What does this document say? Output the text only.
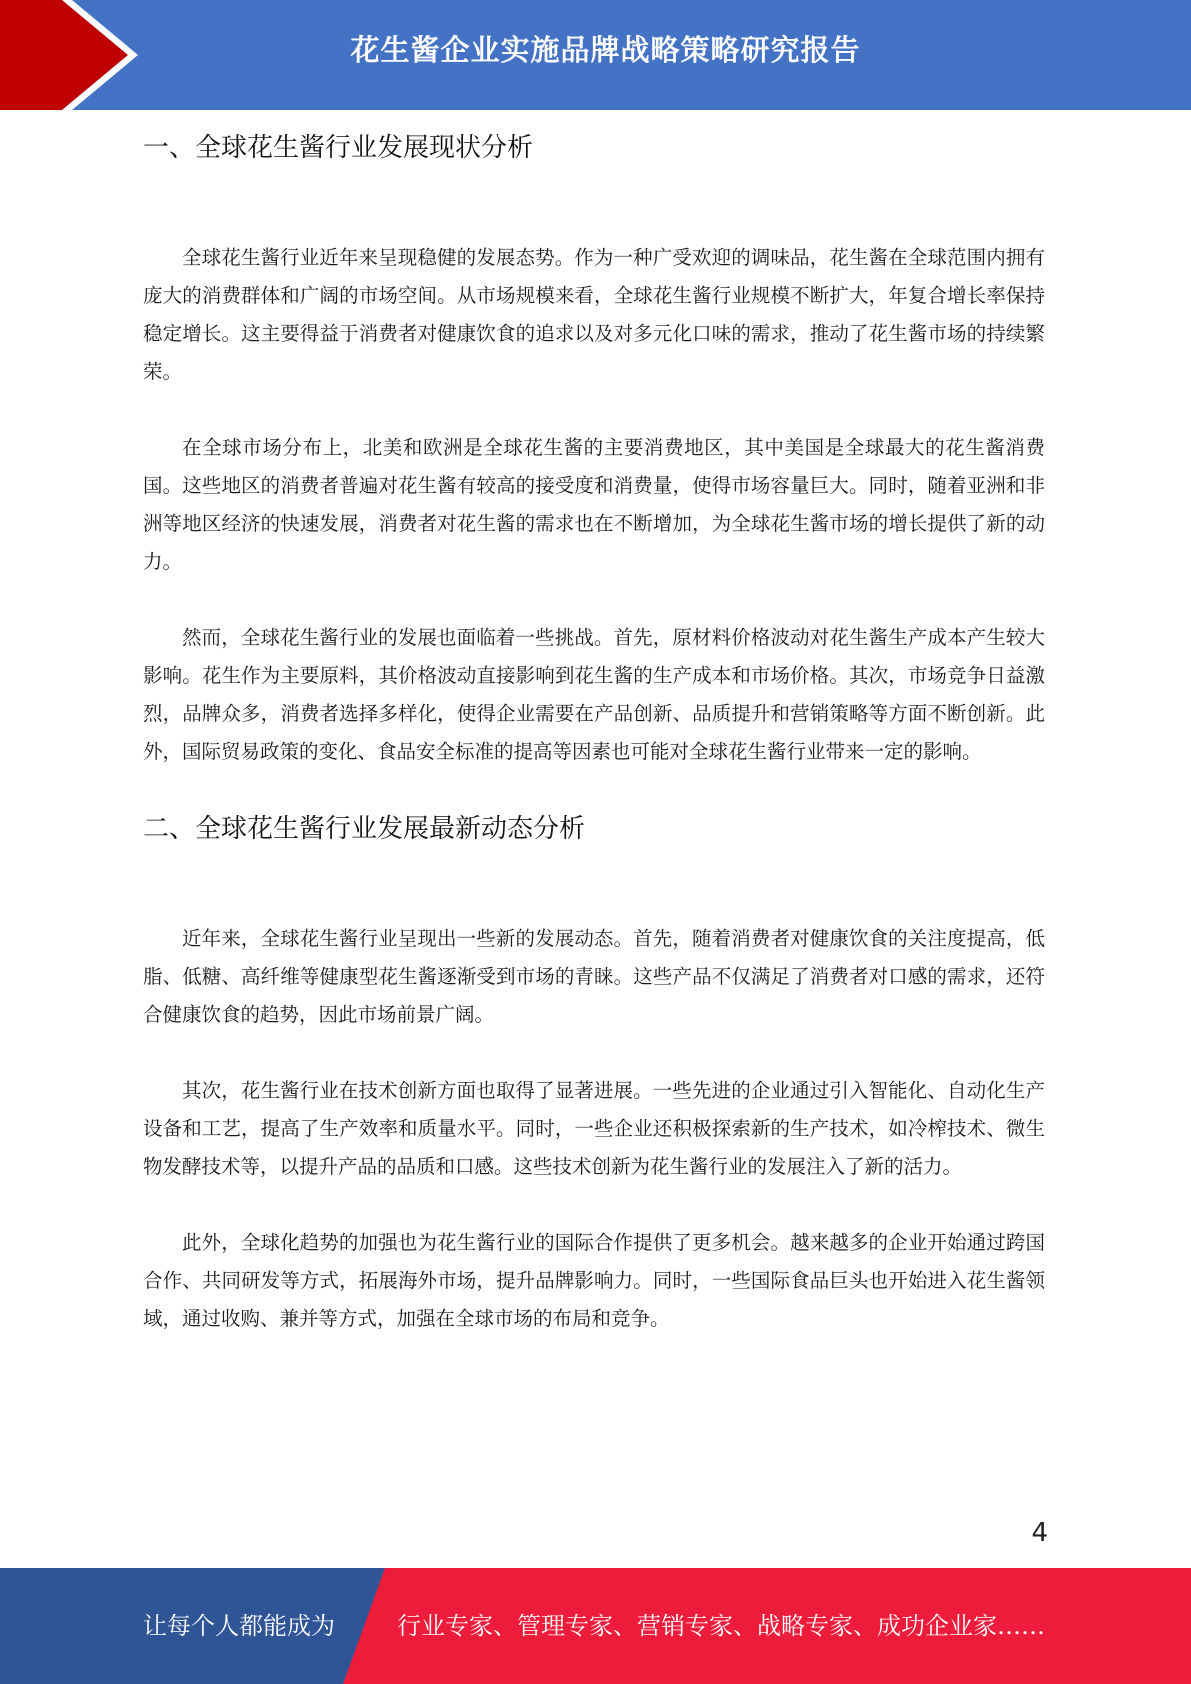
花生酱企业实施品牌战略策略研究报告
一、全球花生酱行业发展现状分析

全球花生酱行业近年来呈现稳健的发展态势。作为一种广受欢迎的调味品，花生酱在全球范围内拥有庞大的消费群体和广阔的市场空间。从市场规模来看，全球花生酱行业规模不断扩大，年复合增长率保持稳定增长。这主要得益于消费者对健康饮食的追求以及对多元化口味的需求，推动了花生酱市场的持续繁荣。

在全球市场分布上，北美和欧洲是全球花生酱的主要消费地区，其中美国是全球最大的花生酱消费国。这些地区的消费者普遍对花生酱有较高的接受度和消费量，使得市场容量巨大。同时，随着亚洲和非洲等地区经济的快速发展，消费者对花生酱的需求也在不断增加，为全球花生酱市场的增长提供了新的动力。

然而，全球花生酱行业的发展也面临着一些挑战。首先，原材料价格波动对花生酱生产成本产生较大影响。花生作为主要原料，其价格波动直接影响到花生酱的生产成本和市场价格。其次，市场竞争日益激烈，品牌众多，消费者选择多样化，使得企业需要在产品创新、品质提升和营销策略等方面不断创新。此外，国际贸易政策的变化、食品安全标准的提高等因素也可能对全球花生酱行业带来一定的影响。

二、全球花生酱行业发展最新动态分析

近年来，全球花生酱行业呈现出一些新的发展动态。首先，随着消费者对健康饮食的关注度提高，低脂、低糖、高纤维等健康型花生酱逐渐受到市场的青睐。这些产品不仅满足了消费者对口感的需求，还符合健康饮食的趋势，因此市场前景广阔。

其次，花生酱行业在技术创新方面也取得了显著进展。一些先进的企业通过引入智能化、自动化生产设备和工艺，提高了生产效率和质量水平。同时，一些企业还积极探索新的生产技术，如冷榨技术、微生物发酵技术等，以提升产品的品质和口感。这些技术创新为花生酱行业的发展注入了新的活力。

此外，全球化趋势的加强也为花生酱行业的国际合作提供了更多机会。越来越多的企业开始通过跨国合作、共同研发等方式，拓展海外市场，提升品牌影响力。同时，一些国际食品巨头也开始进入花生酱领域，通过收购、兼并等方式，加强在全球市场的布局和竞争。

4
让每个人都能成为	行业专家、管理专家、营销专家、战略专家、成功企业家……
